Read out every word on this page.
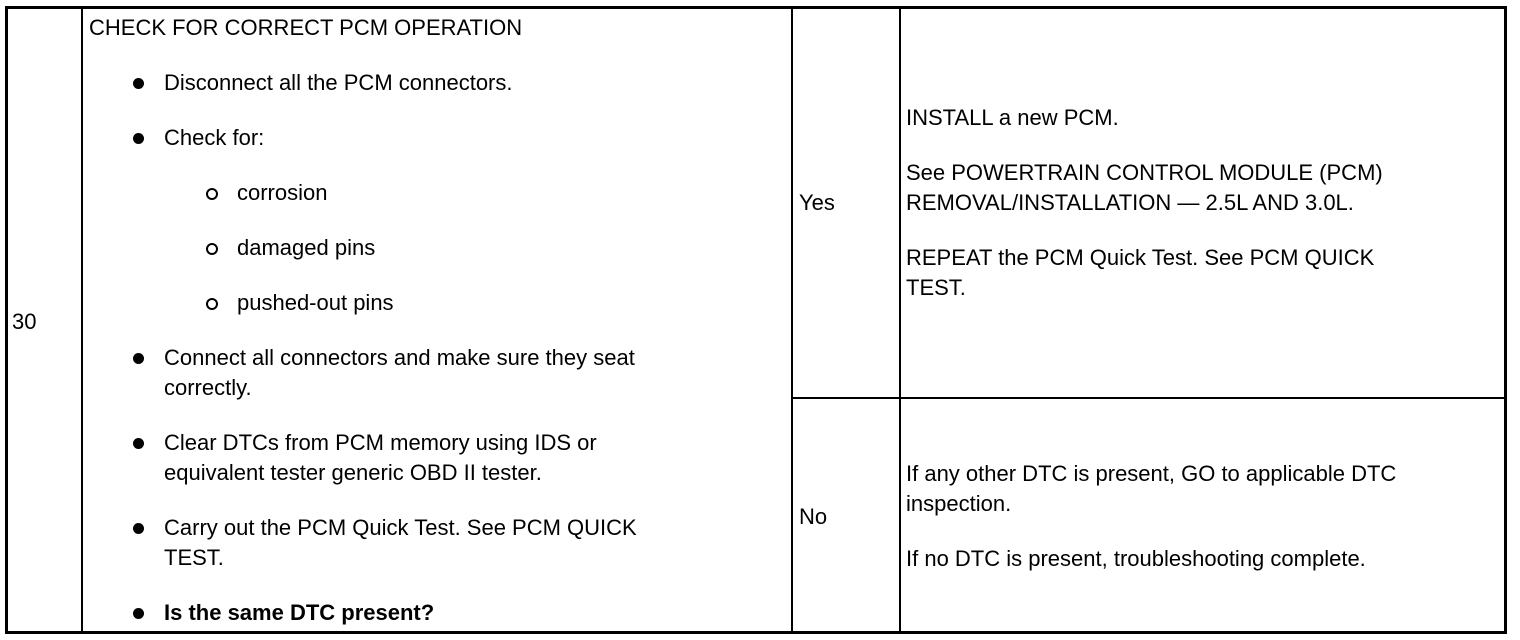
30
CHECK FOR CORRECT PCM OPERATION
Disconnect all the PCM connectors.
Check for:
corrosion
damaged pins
pushed-out pins
Connect all connectors and make sure they seat
correctly.
Clear DTCs from PCM memory using IDS or
equivalent tester generic OBD II tester.
Carry out the PCM Quick Test. See PCM QUICK
TEST.
Is the same DTC present?
Yes
INSTALL a new PCM.
See POWERTRAIN CONTROL MODULE (PCM)
REMOVAL/INSTALLATION — 2.5L AND 3.0L.
REPEAT the PCM Quick Test. See PCM QUICK
TEST.
No
If any other DTC is present, GO to applicable DTC
inspection.
If no DTC is present, troubleshooting complete.
